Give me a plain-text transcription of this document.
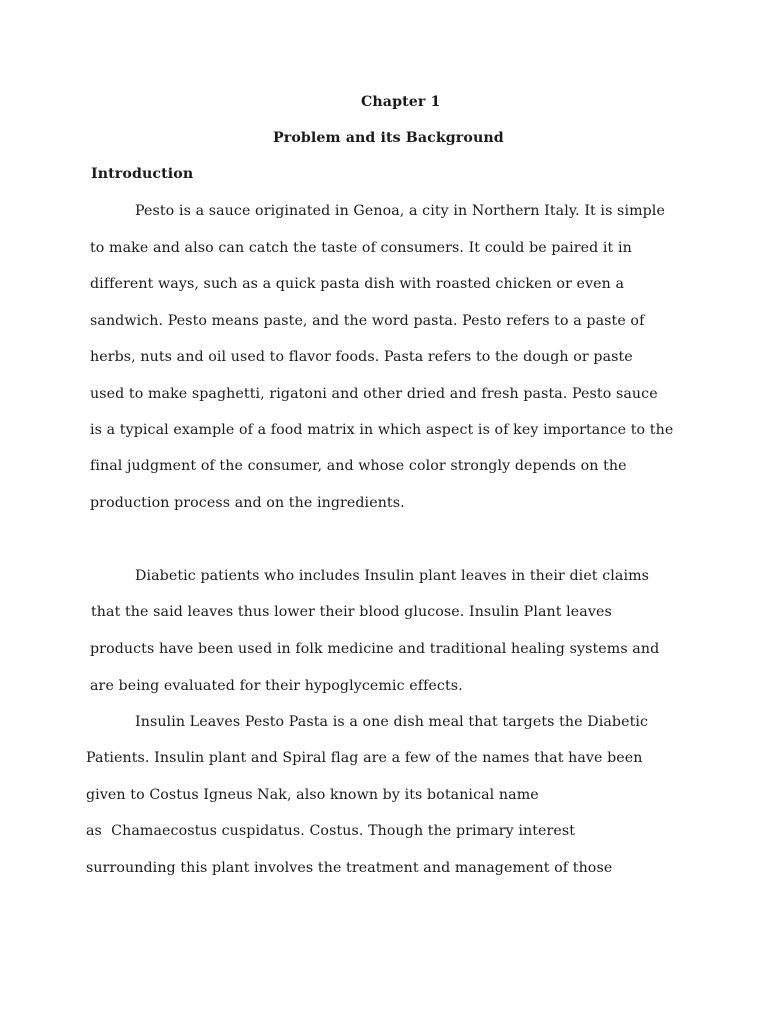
Chapter 1
Problem and its Background
Introduction
Pesto is a sauce originated in Genoa, a city in Northern Italy. It is simple
to make and also can catch the taste of consumers. It could be paired it in
different ways, such as a quick pasta dish with roasted chicken or even a
sandwich. Pesto means paste, and the word pasta. Pesto refers to a paste of
herbs, nuts and oil used to flavor foods. Pasta refers to the dough or paste
used to make spaghetti, rigatoni and other dried and fresh pasta. Pesto sauce
is a typical example of a food matrix in which aspect is of key importance to the
final judgment of the consumer, and whose color strongly depends on the
production process and on the ingredients.
Diabetic patients who includes Insulin plant leaves in their diet claims
that the said leaves thus lower their blood glucose. Insulin Plant leaves
products have been used in folk medicine and traditional healing systems and
are being evaluated for their hypoglycemic effects.
Insulin Leaves Pesto Pasta is a one dish meal that targets the Diabetic
Patients. Insulin plant and Spiral flag are a few of the names that have been
given to Costus Igneus Nak, also known by its botanical name
as  Chamaecostus cuspidatus. Costus. Though the primary interest
surrounding this plant involves the treatment and management of those
